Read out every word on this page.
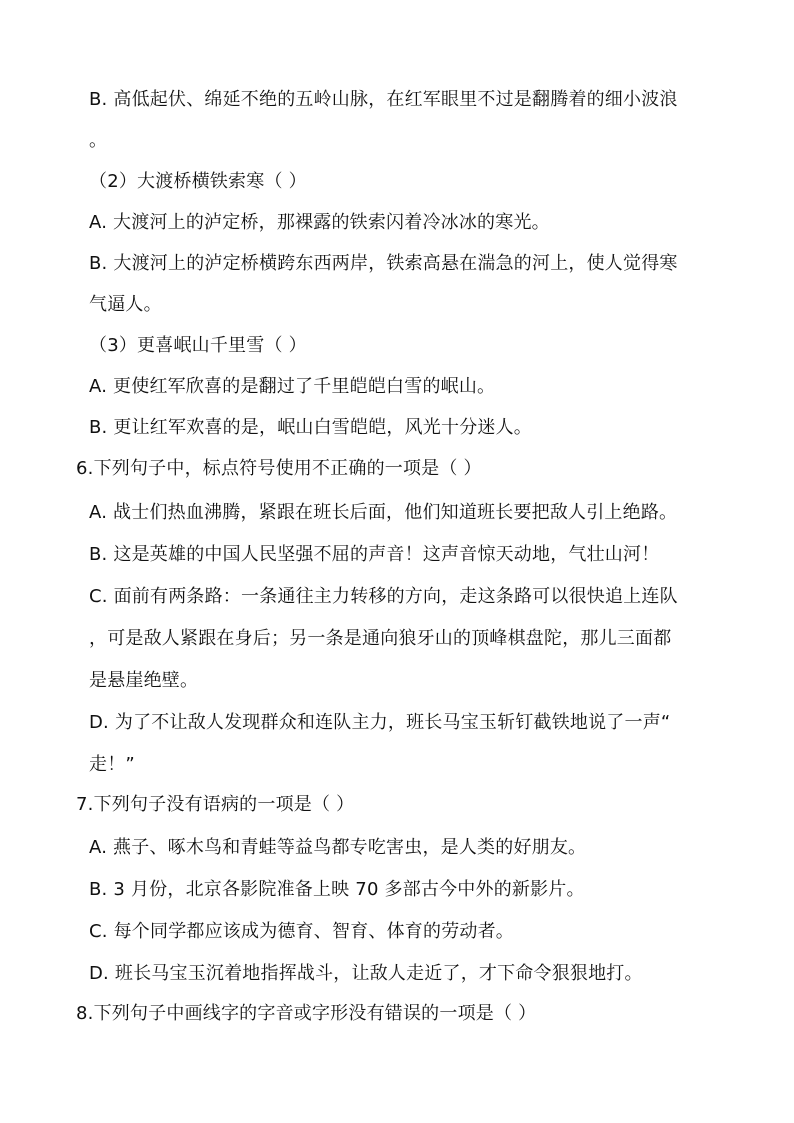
B. 高低起伏、绵延不绝的五岭山脉，在红军眼里不过是翻腾着的细小波浪
。
（2）大渡桥横铁索寒（ ）
A. 大渡河上的泸定桥，那裸露的铁索闪着冷冰冰的寒光。
B. 大渡河上的泸定桥横跨东西两岸，铁索高悬在湍急的河上，使人觉得寒
气逼人。
（3）更喜岷山千里雪（ ）
A. 更使红军欣喜的是翻过了千里皑皑白雪的岷山。
B. 更让红军欢喜的是，岷山白雪皑皑，风光十分迷人。
6.下列句子中，标点符号使用不正确的一项是（ ）
A. 战士们热血沸腾，紧跟在班长后面，他们知道班长要把敌人引上绝路。
B. 这是英雄的中国人民坚强不屈的声音！这声音惊天动地，气壮山河！
C. 面前有两条路：一条通往主力转移的方向，走这条路可以很快追上连队
，可是敌人紧跟在身后；另一条是通向狼牙山的顶峰棋盘陀，那儿三面都
是悬崖绝壁。
D. 为了不让敌人发现群众和连队主力，班长马宝玉斩钉截铁地说了一声“
走！”
7.下列句子没有语病的一项是（ ）
A. 燕子、啄木鸟和青蛙等益鸟都专吃害虫，是人类的好朋友。
B. 3 月份，北京各影院准备上映 70 多部古今中外的新影片。
C. 每个同学都应该成为德育、智育、体育的劳动者。
D. 班长马宝玉沉着地指挥战斗，让敌人走近了，才下命令狠狠地打。
8.下列句子中画线字的字音或字形没有错误的一项是（ ）
